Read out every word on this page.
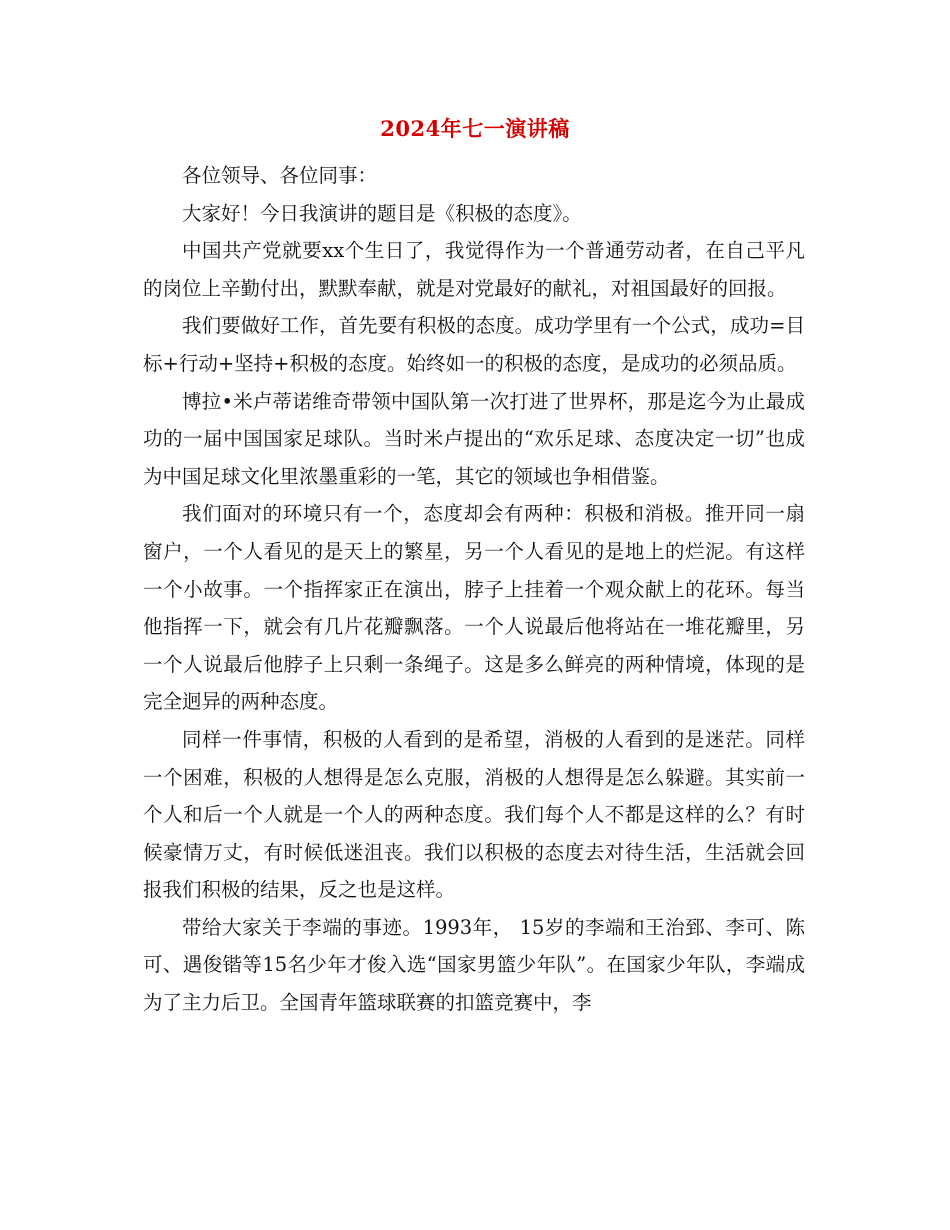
2024年七一演讲稿

各位领导、各位同事：

大家好！今日我演讲的题目是《积极的态度》。

中国共产党就要xx个生日了，我觉得作为一个普通劳动者，在自己平凡的岗位上辛勤付出，默默奉献，就是对党最好的献礼，对祖国最好的回报。

我们要做好工作，首先要有积极的态度。成功学里有一个公式，成功=目标+行动+坚持+积极的态度。始终如一的积极的态度，是成功的必须品质。

博拉•米卢蒂诺维奇带领中国队第一次打进了世界杯，那是迄今为止最成功的一届中国国家足球队。当时米卢提出的“欢乐足球、态度决定一切”也成为中国足球文化里浓墨重彩的一笔，其它的领域也争相借鉴。

我们面对的环境只有一个，态度却会有两种：积极和消极。推开同一扇窗户，一个人看见的是天上的繁星，另一个人看见的是地上的烂泥。有这样一个小故事。一个指挥家正在演出，脖子上挂着一个观众献上的花环。每当他指挥一下，就会有几片花瓣飘落。一个人说最后他将站在一堆花瓣里，另一个人说最后他脖子上只剩一条绳子。这是多么鲜亮的两种情境，体现的是完全迥异的两种态度。

同样一件事情，积极的人看到的是希望，消极的人看到的是迷茫。同样一个困难，积极的人想得是怎么克服，消极的人想得是怎么躲避。其实前一个人和后一个人就是一个人的两种态度。我们每个人不都是这样的么？有时候豪情万丈，有时候低迷沮丧。我们以积极的态度去对待生活，生活就会回报我们积极的结果，反之也是这样。

带给大家关于李端的事迹。1993年， 15岁的李端和王治郅、李可、陈可、遇俊锴等15名少年才俊入选“国家男篮少年队”。在国家少年队，李端成为了主力后卫。全国青年篮球联赛的扣篮竞赛中，李
